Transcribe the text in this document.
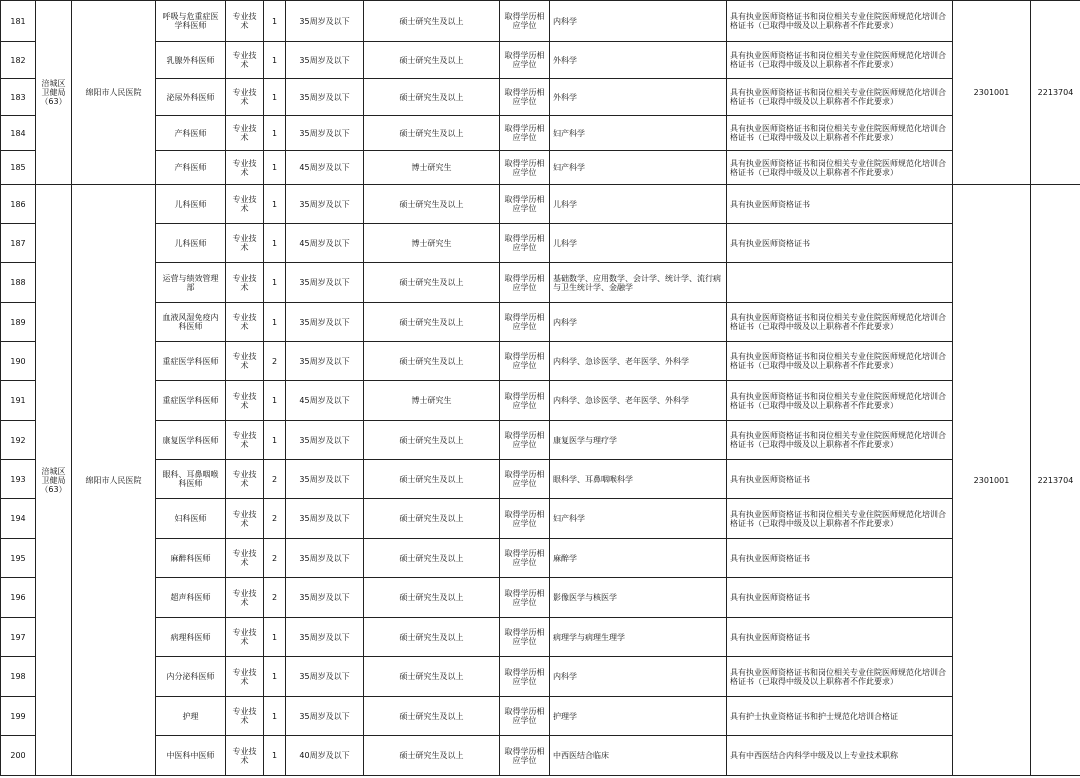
181	涪城区卫健局（63）	绵阳市人民医院	呼吸与危重症医学科医师	专业技术	1	35周岁及以下	硕士研究生及以上	取得学历相应学位	内科学	具有执业医师资格证书和岗位相关专业住院医师规范化培训合格证书（已取得中级及以上职称者不作此要求）	2301001	2213704
182			乳腺外科医师	专业技术	1	35周岁及以下	硕士研究生及以上	取得学历相应学位	外科学	具有执业医师资格证书和岗位相关专业住院医师规范化培训合格证书（已取得中级及以上职称者不作此要求）		
183			泌尿外科医师	专业技术	1	35周岁及以下	硕士研究生及以上	取得学历相应学位	外科学	具有执业医师资格证书和岗位相关专业住院医师规范化培训合格证书（已取得中级及以上职称者不作此要求）		
184			产科医师	专业技术	1	35周岁及以下	硕士研究生及以上	取得学历相应学位	妇产科学	具有执业医师资格证书和岗位相关专业住院医师规范化培训合格证书（已取得中级及以上职称者不作此要求）		
185			产科医师	专业技术	1	45周岁及以下	博士研究生	取得学历相应学位	妇产科学	具有执业医师资格证书和岗位相关专业住院医师规范化培训合格证书（已取得中级及以上职称者不作此要求）		
186	涪城区卫健局（63）	绵阳市人民医院	儿科医师	专业技术	1	35周岁及以下	硕士研究生及以上	取得学历相应学位	儿科学	具有执业医师资格证书	2301001	2213704
187			儿科医师	专业技术	1	45周岁及以下	博士研究生	取得学历相应学位	儿科学	具有执业医师资格证书		
188			运营与绩效管理部	专业技术	1	35周岁及以下	硕士研究生及以上	取得学历相应学位	基础数学、应用数学、会计学、统计学、流行病与卫生统计学、金融学			
189			血液风湿免疫内科医师	专业技术	1	35周岁及以下	硕士研究生及以上	取得学历相应学位	内科学	具有执业医师资格证书和岗位相关专业住院医师规范化培训合格证书（已取得中级及以上职称者不作此要求）		
190			重症医学科医师	专业技术	2	35周岁及以下	硕士研究生及以上	取得学历相应学位	内科学、急诊医学、老年医学、外科学	具有执业医师资格证书和岗位相关专业住院医师规范化培训合格证书（已取得中级及以上职称者不作此要求）		
191			重症医学科医师	专业技术	1	45周岁及以下	博士研究生	取得学历相应学位	内科学、急诊医学、老年医学、外科学	具有执业医师资格证书和岗位相关专业住院医师规范化培训合格证书（已取得中级及以上职称者不作此要求）		
192			康复医学科医师	专业技术	1	35周岁及以下	硕士研究生及以上	取得学历相应学位	康复医学与理疗学	具有执业医师资格证书和岗位相关专业住院医师规范化培训合格证书（已取得中级及以上职称者不作此要求）		
193			眼科、耳鼻咽喉科医师	专业技术	2	35周岁及以下	硕士研究生及以上	取得学历相应学位	眼科学、耳鼻咽喉科学	具有执业医师资格证书		
194			妇科医师	专业技术	2	35周岁及以下	硕士研究生及以上	取得学历相应学位	妇产科学	具有执业医师资格证书和岗位相关专业住院医师规范化培训合格证书（已取得中级及以上职称者不作此要求）		
195			麻醉科医师	专业技术	2	35周岁及以下	硕士研究生及以上	取得学历相应学位	麻醉学	具有执业医师资格证书		
196			超声科医师	专业技术	2	35周岁及以下	硕士研究生及以上	取得学历相应学位	影像医学与核医学	具有执业医师资格证书		
197			病理科医师	专业技术	1	35周岁及以下	硕士研究生及以上	取得学历相应学位	病理学与病理生理学	具有执业医师资格证书		
198			内分泌科医师	专业技术	1	35周岁及以下	硕士研究生及以上	取得学历相应学位	内科学	具有执业医师资格证书和岗位相关专业住院医师规范化培训合格证书（已取得中级及以上职称者不作此要求）		
199			护理	专业技术	1	35周岁及以下	硕士研究生及以上	取得学历相应学位	护理学	具有护士执业资格证书和护士规范化培训合格证		
200			中医科中医师	专业技术	1	40周岁及以下	硕士研究生及以上	取得学历相应学位	中西医结合临床	具有中西医结合内科学中级及以上专业技术职称		
